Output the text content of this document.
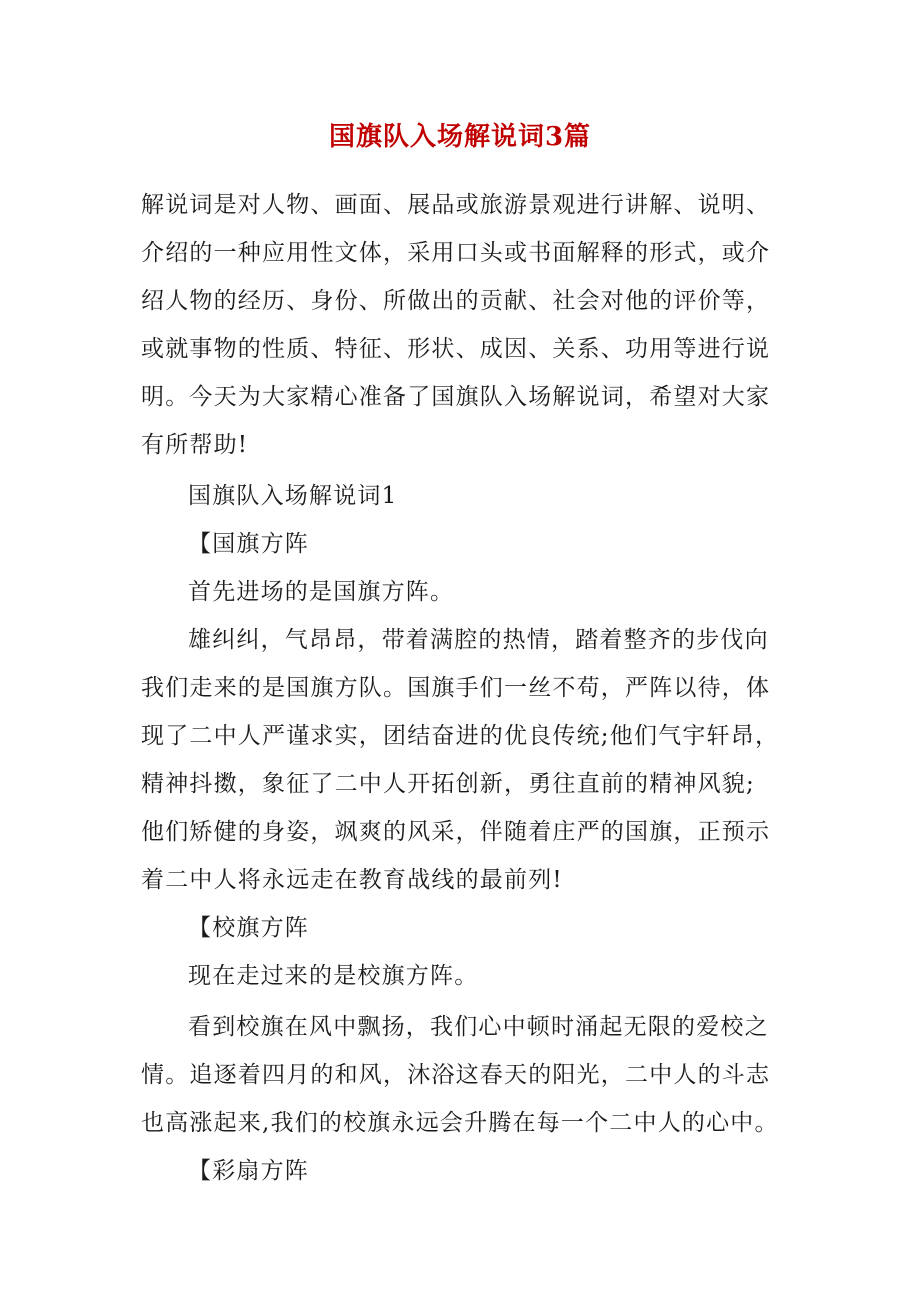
国旗队入场解说词3篇
解说词是对人物、画面、展品或旅游景观进行讲解、说明、
介绍的一种应用性文体，采用口头或书面解释的形式，或介
绍人物的经历、身份、所做出的贡献、社会对他的评价等，
或就事物的性质、特征、形状、成因、关系、功用等进行说
明。今天为大家精心准备了国旗队入场解说词，希望对大家
有所帮助!
国旗队入场解说词1
【国旗方阵
首先进场的是国旗方阵。
雄纠纠，气昂昂，带着满腔的热情，踏着整齐的步伐向
我们走来的是国旗方队。国旗手们一丝不苟，严阵以待，体
现了二中人严谨求实，团结奋进的优良传统;他们气宇轩昂，
精神抖擞，象征了二中人开拓创新，勇往直前的精神风貌;
他们矫健的身姿，飒爽的风采，伴随着庄严的国旗，正预示
着二中人将永远走在教育战线的最前列!
【校旗方阵
现在走过来的是校旗方阵。
看到校旗在风中飘扬，我们心中顿时涌起无限的爱校之
情。追逐着四月的和风，沐浴这春天的阳光，二中人的斗志
也高涨起来,我们的校旗永远会升腾在每一个二中人的心中。
【彩扇方阵
